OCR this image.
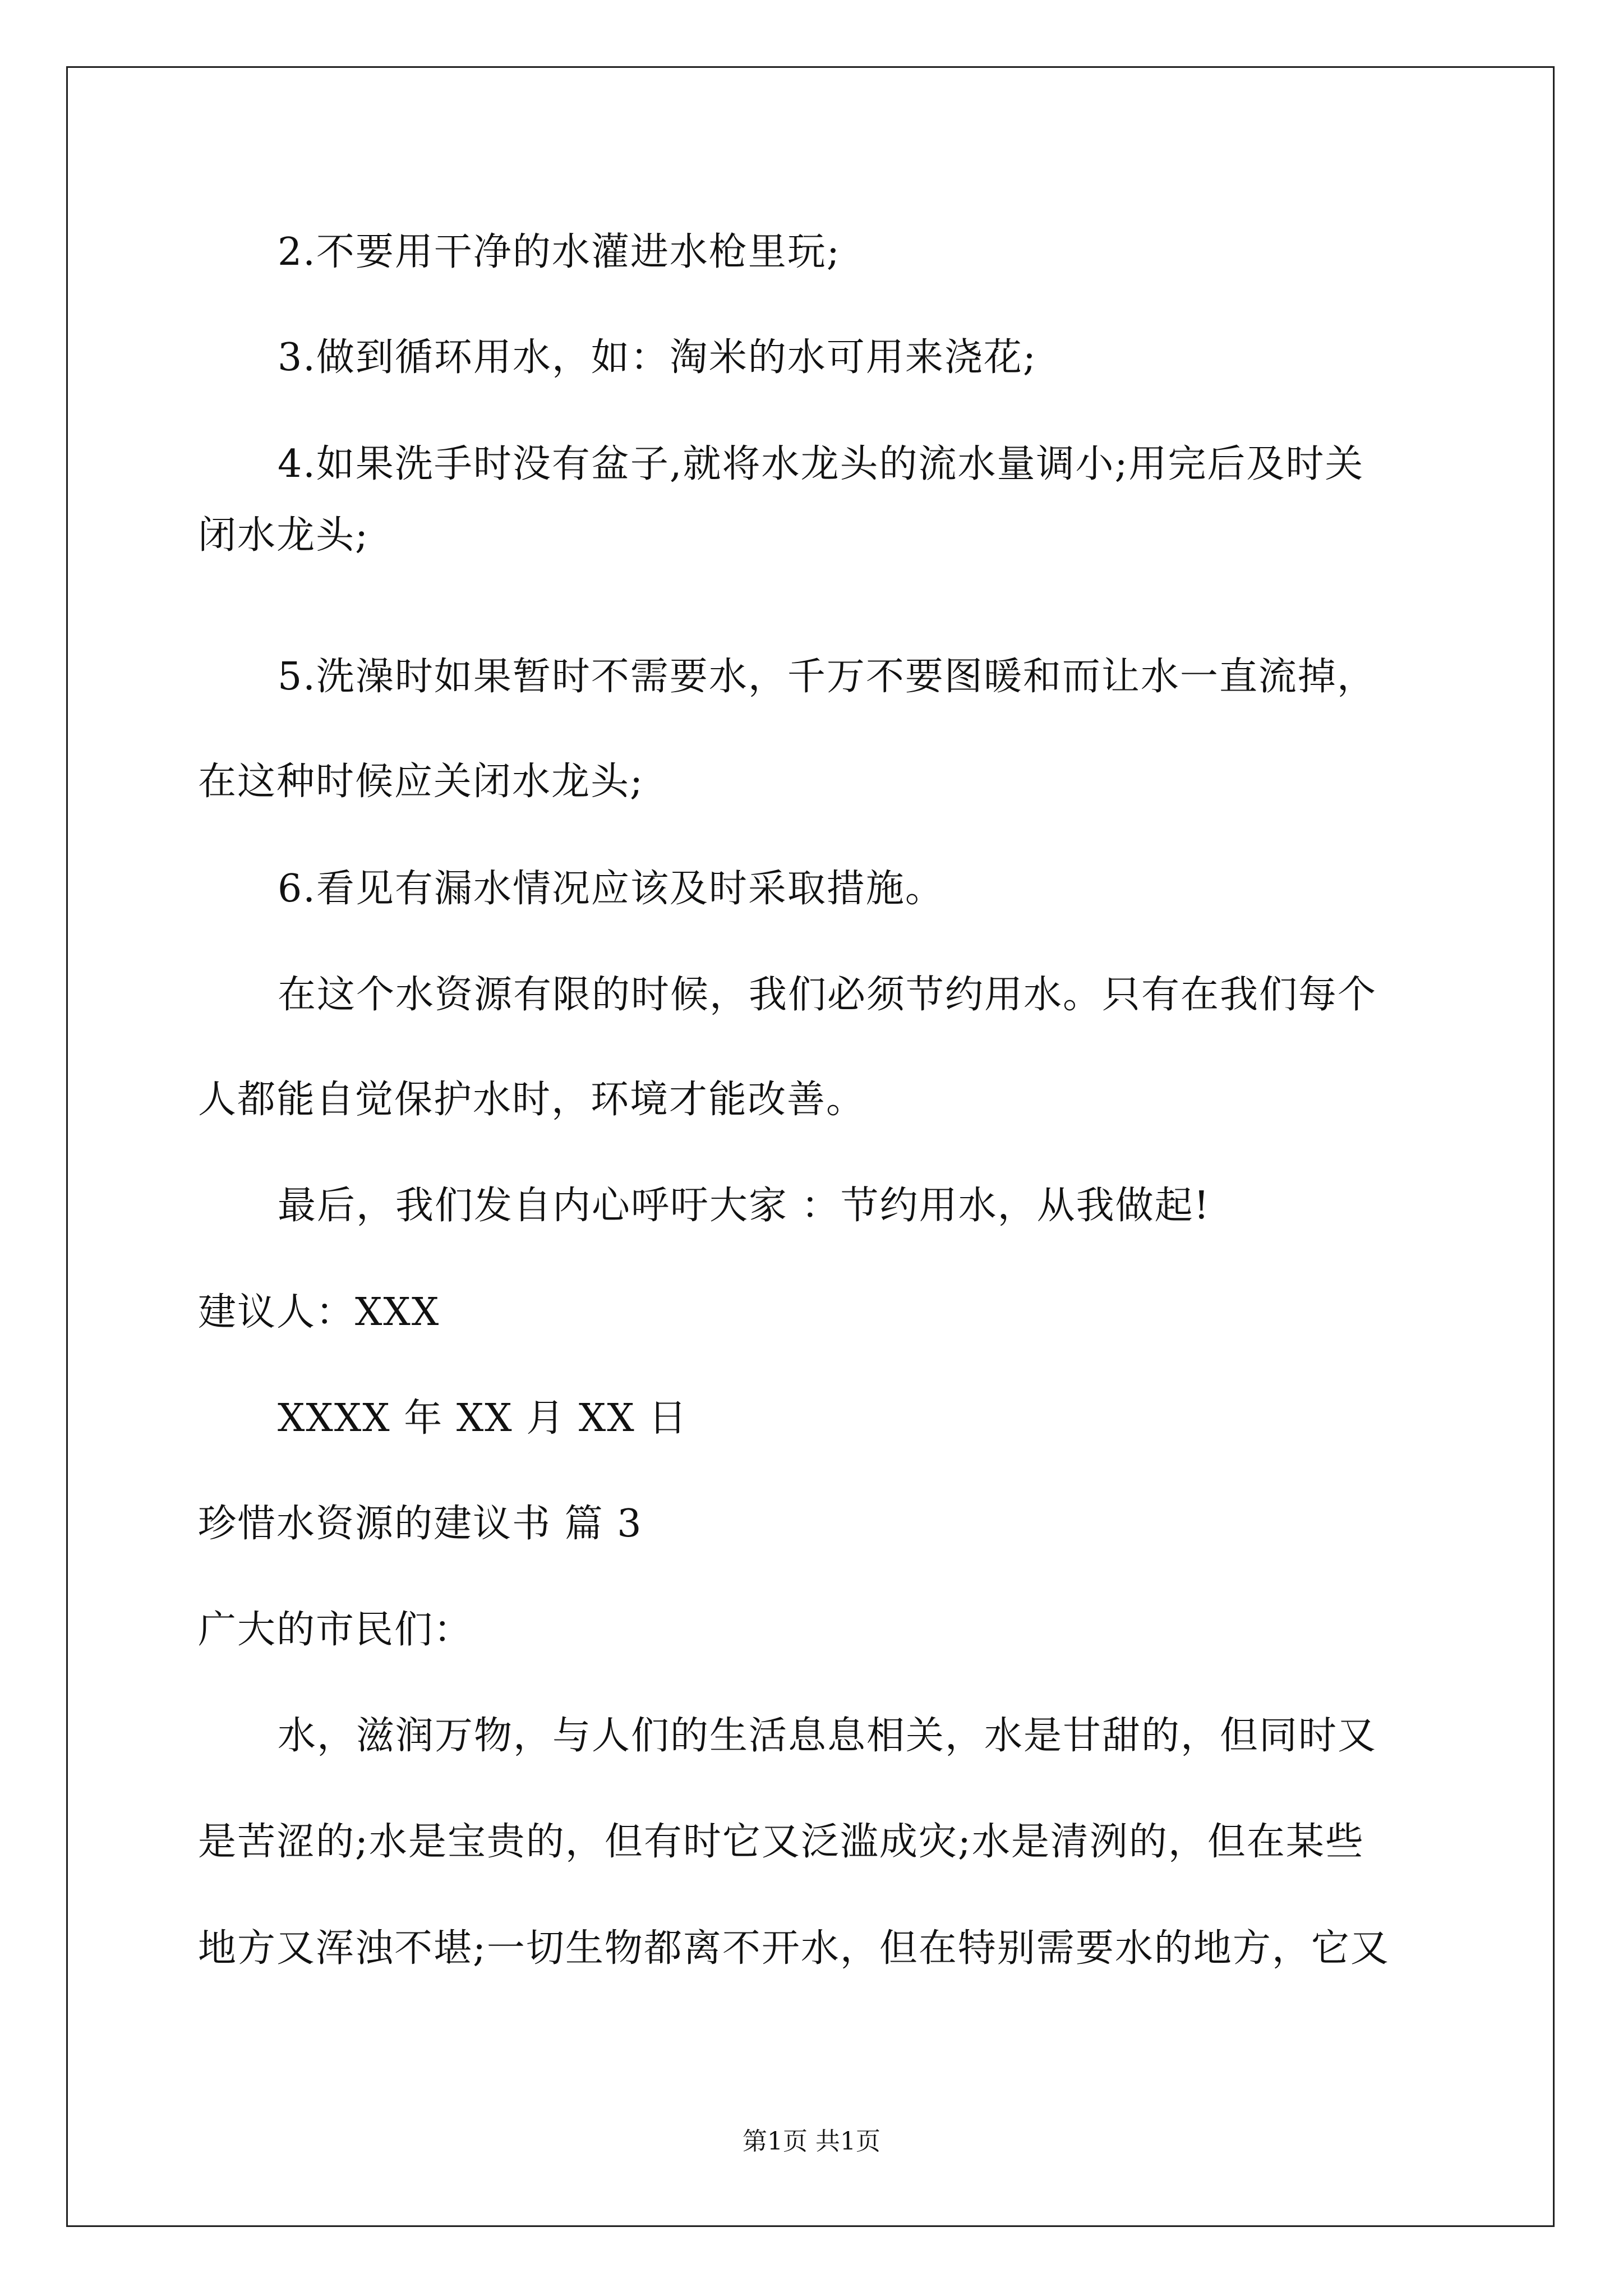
2.不要用干净的水灌进水枪里玩;
3.做到循环用水，如：淘米的水可用来浇花;
4.如果洗手时没有盆子,就将水龙头的流水量调小;用完后及时关
闭水龙头;
5.洗澡时如果暂时不需要水，千万不要图暖和而让水一直流掉，
在这种时候应关闭水龙头;
6.看见有漏水情况应该及时采取措施。
在这个水资源有限的时候，我们必须节约用水。只有在我们每个
人都能自觉保护水时，环境才能改善。
最后，我们发自内心呼吁大家 ：节约用水，从我做起!
建议人：XXX
XXXX 年 XX 月 XX 日
珍惜水资源的建议书 篇 3
广大的市民们：
水，滋润万物，与人们的生活息息相关，水是甘甜的，但同时又
是苦涩的;水是宝贵的，但有时它又泛滥成灾;水是清洌的，但在某些
地方又浑浊不堪;一切生物都离不开水，但在特别需要水的地方，它又
第1页 共1页
